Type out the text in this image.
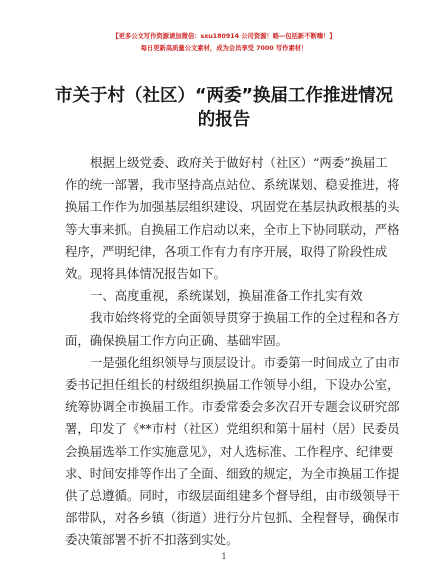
【更多公文写作资源请加微信：sxu180914 公司资源！略—包括新不断嗨！】
每日更新高质量公文素材，成为会员享受 7000 写作素材！
市关于村（社区）“两委”换届工作推进情况
的报告
根据上级党委、政府关于做好村（社区）“两委”换届工
作的统一部署，我市坚持高点站位、系统谋划、稳妥推进，将
换届工作作为加强基层组织建设、巩固党在基层执政根基的头
等大事来抓。自换届工作启动以来，全市上下协同联动，严格
程序，严明纪律，各项工作有力有序开展，取得了阶段性成
效。现将具体情况报告如下。
一、高度重视，系统谋划，换届准备工作扎实有效
我市始终将党的全面领导贯穿于换届工作的全过程和各方
面，确保换届工作方向正确、基础牢固。
一是强化组织领导与顶层设计。市委第一时间成立了由市
委书记担任组长的村级组织换届工作领导小组，下设办公室，
统筹协调全市换届工作。市委常委会多次召开专题会议研究部
署，印发了《**市村（社区）党组织和第十届村（居）民委员
会换届选举工作实施意见》，对人选标准、工作程序、纪律要
求、时间安排等作出了全面、细致的规定，为全市换届工作提
供了总遵循。同时，市级层面组建多个督导组，由市级领导干
部带队，对各乡镇（街道）进行分片包抓、全程督导，确保市
委决策部署不折不扣落到实处。
1
